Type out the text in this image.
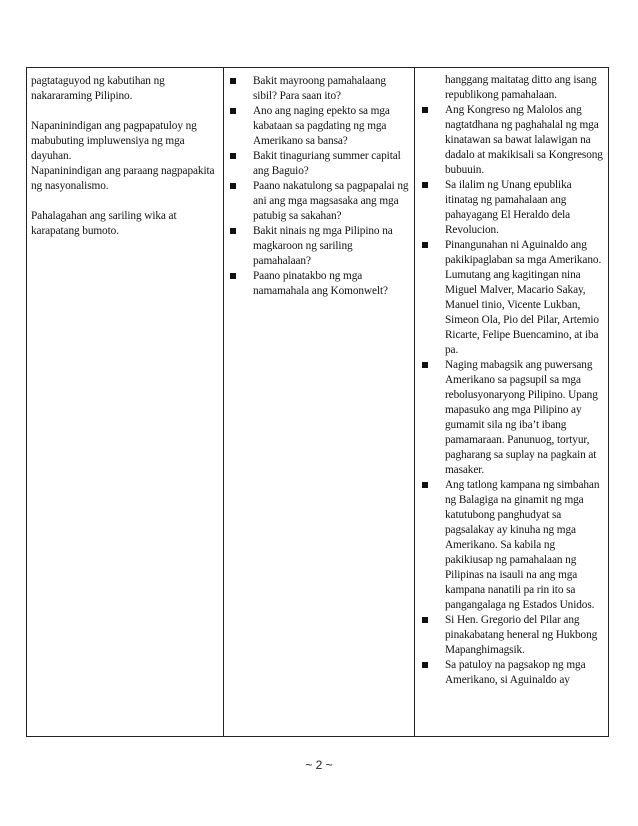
pagtataguyod ng kabutihan ng nakararaming Pilipino.

Napaninindigan ang pagpapatuloy ng mabubuting impluwensiya ng mga dayuhan.

Napaninindigan ang paraang nagpapakita ng nasyonalismo.

Pahalagahan ang sariling wika at karapatang bumoto.

Bakit mayroong pamahalaang sibil? Para saan ito?
Ano ang naging epekto sa mga kabataan sa pagdating ng mga Amerikano sa bansa?
Bakit tinaguriang summer capital ang Baguio?
Paano nakatulong sa pagpapalai ng ani ang mga magsasaka ang mga patubig sa sakahan?
Bakit ninais ng mga Pilipino na magkaroon ng sariling pamahalaan?
Paano pinatakbo ng mga namamahala ang Komonwelt?
hanggang maitatag ditto ang isang republikong pamahalaan.
Ang Kongreso ng Malolos ang nagtatdhana ng paghahalal ng mga kinatawan sa bawat lalawigan na dadalo at makikisali sa Kongresong bubuuin.
Sa ilalim ng Unang epublika itinatag ng pamahalaan ang pahayagang El Heraldo dela Revolucion.
Pinangunahan ni Aguinaldo ang pakikipaglaban sa mga Amerikano. Lumutang ang kagitingan nina Miguel Malver, Macario Sakay, Manuel tinio, Vicente Lukban, Simeon Ola, Pio del Pilar, Artemio Ricarte, Felipe Buencamino, at iba pa.
Naging mabagsik ang puwersang Amerikano sa pagsupil sa mga rebolusyonaryong Pilipino. Upang mapasuko ang mga Pilipino ay gumamit sila ng iba’t ibang pamamaraan. Panunuog, tortyur, pagharang sa suplay na pagkain at masaker.
Ang tatlong kampana ng simbahan ng Balagiga na ginamit ng mga katutubong panghudyat sa pagsalakay ay kinuha ng mga Amerikano. Sa kabila ng pakikiusap ng pamahalaan ng Pilipinas na isauli na ang mga kampana nanatili pa rin ito sa pangangalaga ng Estados Unidos.
Si Hen. Gregorio del Pilar ang pinakabatang heneral ng Hukbong Mapanghimagsik.
Sa patuloy na pagsakop ng mga Amerikano, si Aguinaldo ay
~ 2 ~
